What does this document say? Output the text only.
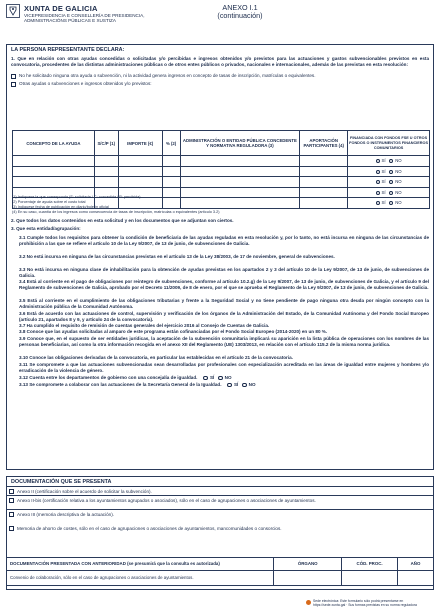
XUNTA DE GALICIA
VICEPRESIDENCIA E CONSELLERÍA DE PRESIDENCIA,
ADMINISTRACIÓNS PÚBLICAS E XUSTIZA
ANEXO I.1
(continuación)
LA PERSONA REPRESENTANTE DECLARA:
1. Que en relación con otras ayudas concedidas o solicitadas y/o percibidas e ingresos obtenidos y/o previstos para las actuaciones y gastos subvencionables previstos en esta convocatoria, procedentes de las distintas administraciones públicas o de otros entes públicos o privados, nacionales e internacionales, además de las previstas en esta resolución:
No he solicitado ninguna otra ayuda o subvención, ni la actividad genera ingresos en concepto de tasas de inscripción, matrículas o equivalentes.
Otras ayudas o subvenciones e ingresos obtenidos y/o previstos:
CONCEPTO DE LA AYUDA	S/C/P (1)	IMPORTE (€)	% (2)	ADMINISTRACIÓN O ENTIDAD PÚBLICA CONCEDENTE Y NORMATIVA REGULADORA (3)	APORTACIÓN PARTICIPANTES (4)	FINANCIADA CON FONDOS FSE U OTROS FONDOS O INSTRUMENTOS FINANCIEROS COMUNITARIOS
						SÍ NO
						SÍ NO
						SÍ NO
						SÍ NO
						SÍ NO
(1) Indíquese la que corresponda (S: solicitada / C: concedida / P: percibida)
(2) Porcentaje de ayuda sobre el costo total
(3) Indíquese fecha de publicación en diario/boletín oficial
(4) En su caso, cuantía de los ingresos como consecuencia de tasas de inscripción, matrículas o equivalentes (artículo 3.2)
2. Que todos los datos contenidos en esta solicitud y en los documentos que se adjuntan son ciertos.
3. Que esta entidad/agrupación:
3.1 Cumple todos los requisitos para obtener la condición de beneficiaria de las ayudas reguladas en esta resolución y, por lo tanto, no está incursa en ninguna de las circunstancias de prohibición a las que se refiere el artículo 10 de la Ley 9/2007, de 13 de junio, de subvenciones de Galicia.
3.2 No está incursa en ninguna de las circunstancias previstas en el artículo 13 de la Ley 38/2003, de 17 de noviembre, general de subvenciones.
3.3 No está incursa en ninguna clase de inhabilitación para la obtención de ayudas previstas en los apartados 2 y 3 del artículo 10 de la Ley 9/2007, de 13 de junio, de subvenciones de Galicia.
3.4 Está al corriente en el pago de obligaciones por reintegro de subvenciones, conforme al artículo 10.2.g) de la Ley 9/2007, de 13 de junio, de subvenciones de Galicia, y el artículo 9 del Reglamento de subvenciones de Galicia, aprobado por el Decreto 11/2009, de 8 de enero, por el que se aprueba el Reglamento de la Ley 9/2007, de 13 de junio, de subvenciones de Galicia.
3.5 Está al corriente en el cumplimiento de las obligaciones tributarias y frente a la Seguridad Social y no tiene pendiente de pago ninguna otra deuda por ningún concepto con la Administración pública de la Comunidad Autónoma.
3.6 Está de acuerdo con las actuaciones de control, supervisión y verificación de los órganos de la Administración del Estado, de la Comunidad Autónoma y del Fondo Social Europeo (artículo 21, apartados 8 y 9, y artículo 24 de la convocatoria).
3.7 Ha cumplido el requisito de remisión de cuentas generales del ejercicio 2016 al Consejo de Cuentas de Galicia.
3.8 Conoce que las ayudas solicitadas al amparo de este programa están cofinanciadas por el Fondo Social Europeo (2014-2020) en un 80 %.
3.9 Conoce que, en el supuesto de ser entidades jurídicas, la aceptación de la subvención comunitaria implicará su aparición en la lista pública de operaciones con los nombres de las personas beneficiarias, así como la otra información recogida en el anexo XII del Reglamento (UE) 1303/2013, en relación con el artículo 115.2 de la misma norma jurídica.
3.10 Conoce las obligaciones derivadas de la convocatoria, en particular las establecidas en el artículo 21 de la convocatoria.
3.11 Se compromete a que las actuaciones subvencionadas sean desarrolladas por profesionales con especialización acreditada en las áreas de igualdad entre mujeres y hombres y/o erradicación de la violencia de género.
3.12 Cuenta entre los departamentos de gobierno con una concejalía de igualdad.	SÍ NO
3.13 Se compromete a colaborar con las actuaciones de la Secretaría General de la Igualdad.	SÍ NO
DOCUMENTACIÓN QUE SE PRESENTA
Anexo II (certificación sobre el acuerdo de solicitar la subvención).
Anexo II-bis (certificación relativa a los ayuntamientos agrupados o asociados), sólo en el caso de agrupaciones o asociaciones de ayuntamientos.
Anexo III (memoria descriptiva de la actuación).
Memoria de ahorro de costes, sólo en el caso de agrupaciones o asociaciones de ayuntamientos, mancomunidades o consorcios.
DOCUMENTACIÓN PRESENTADA CON ANTERIORIDAD (se presumirá que la consulta es autorizada)	ÓRGANO	CÓD. PROC.	AÑO
Convenio de colaboración, sólo en el caso de agrupaciones o asociaciones de ayuntamientos.			
Sede electrónica: Este formulario sólo podrá presentarse en
https://sede.xunta.gal · Sus formas previstas en su norma reguladora
